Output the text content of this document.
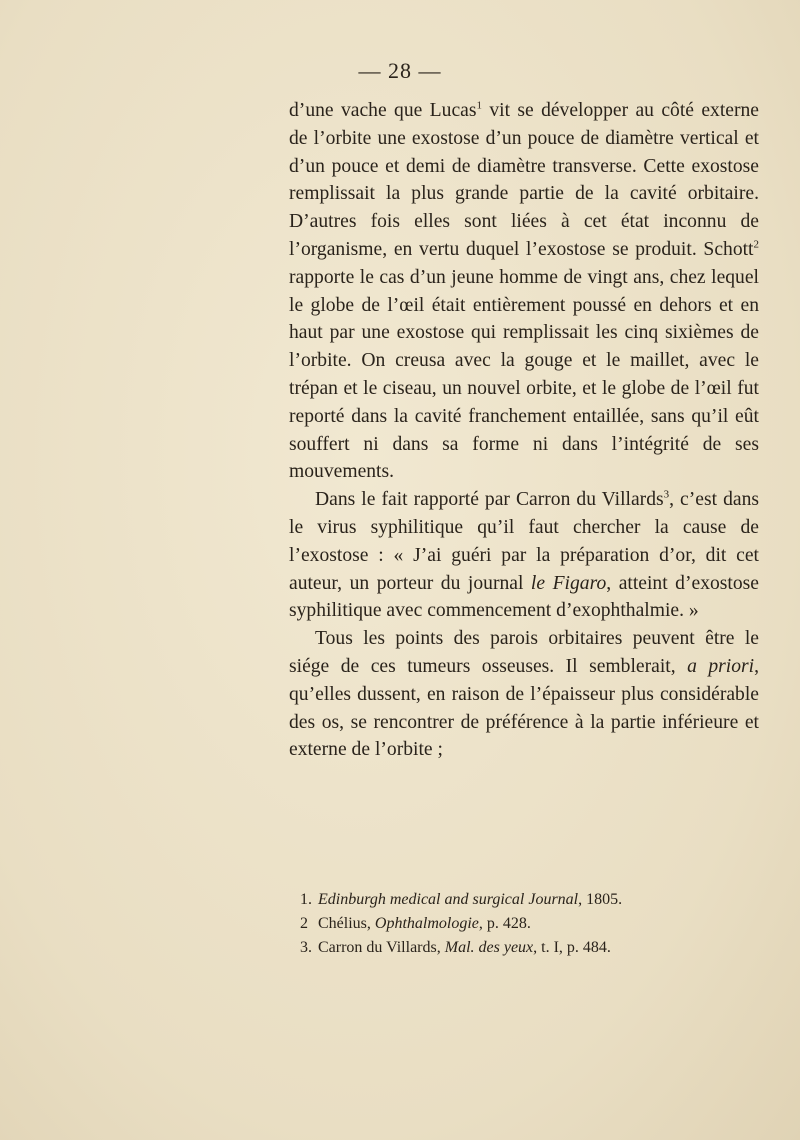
— 28 —

d’une vache que Lucas$^1$ vit se développer au côté externe de l’orbite une exostose d’un pouce de diamètre vertical et d’un pouce et demi de diamètre transverse. Cette exostose remplissait la plus grande partie de la cavité orbitaire. D’autres fois elles sont liées à cet état inconnu de l’organisme, en vertu duquel l’exostose se produit. Schott$^2$ rapporte le cas d’un jeune homme de vingt ans, chez lequel le globe de l’œil était entièrement poussé en dehors et en haut par une exostose qui remplissait les cinq sixièmes de l’orbite. On creusa avec la gouge et le maillet, avec le trépan et le ciseau, un nouvel orbite, et le globe de l’œil fut reporté dans la cavité franchement entaillée, sans qu’il eût souffert ni dans sa forme ni dans l’intégrité de ses mouvements.

Dans le fait rapporté par Carron du Villards$^3$, c’est dans le virus syphilitique qu’il faut chercher la cause de l’exostose : « J’ai guéri par la préparation d’or, dit cet auteur, un porteur du journal le Figaro, atteint d’exostose syphilitique avec commencement d’exophthalmie. »

Tous les points des parois orbitaires peuvent être le siége de ces tumeurs osseuses. Il semblerait, a priori, qu’elles dussent, en raison de l’épaisseur plus considérable des os, se rencontrer de préférence à la partie inférieure et externe de l’orbite ;

1. Edinburgh medical and surgical Journal, 1805.
2 Chélius, Ophthalmologie, p. 428.
3. Carron du Villards, Mal. des yeux, t. I, p. 484.
